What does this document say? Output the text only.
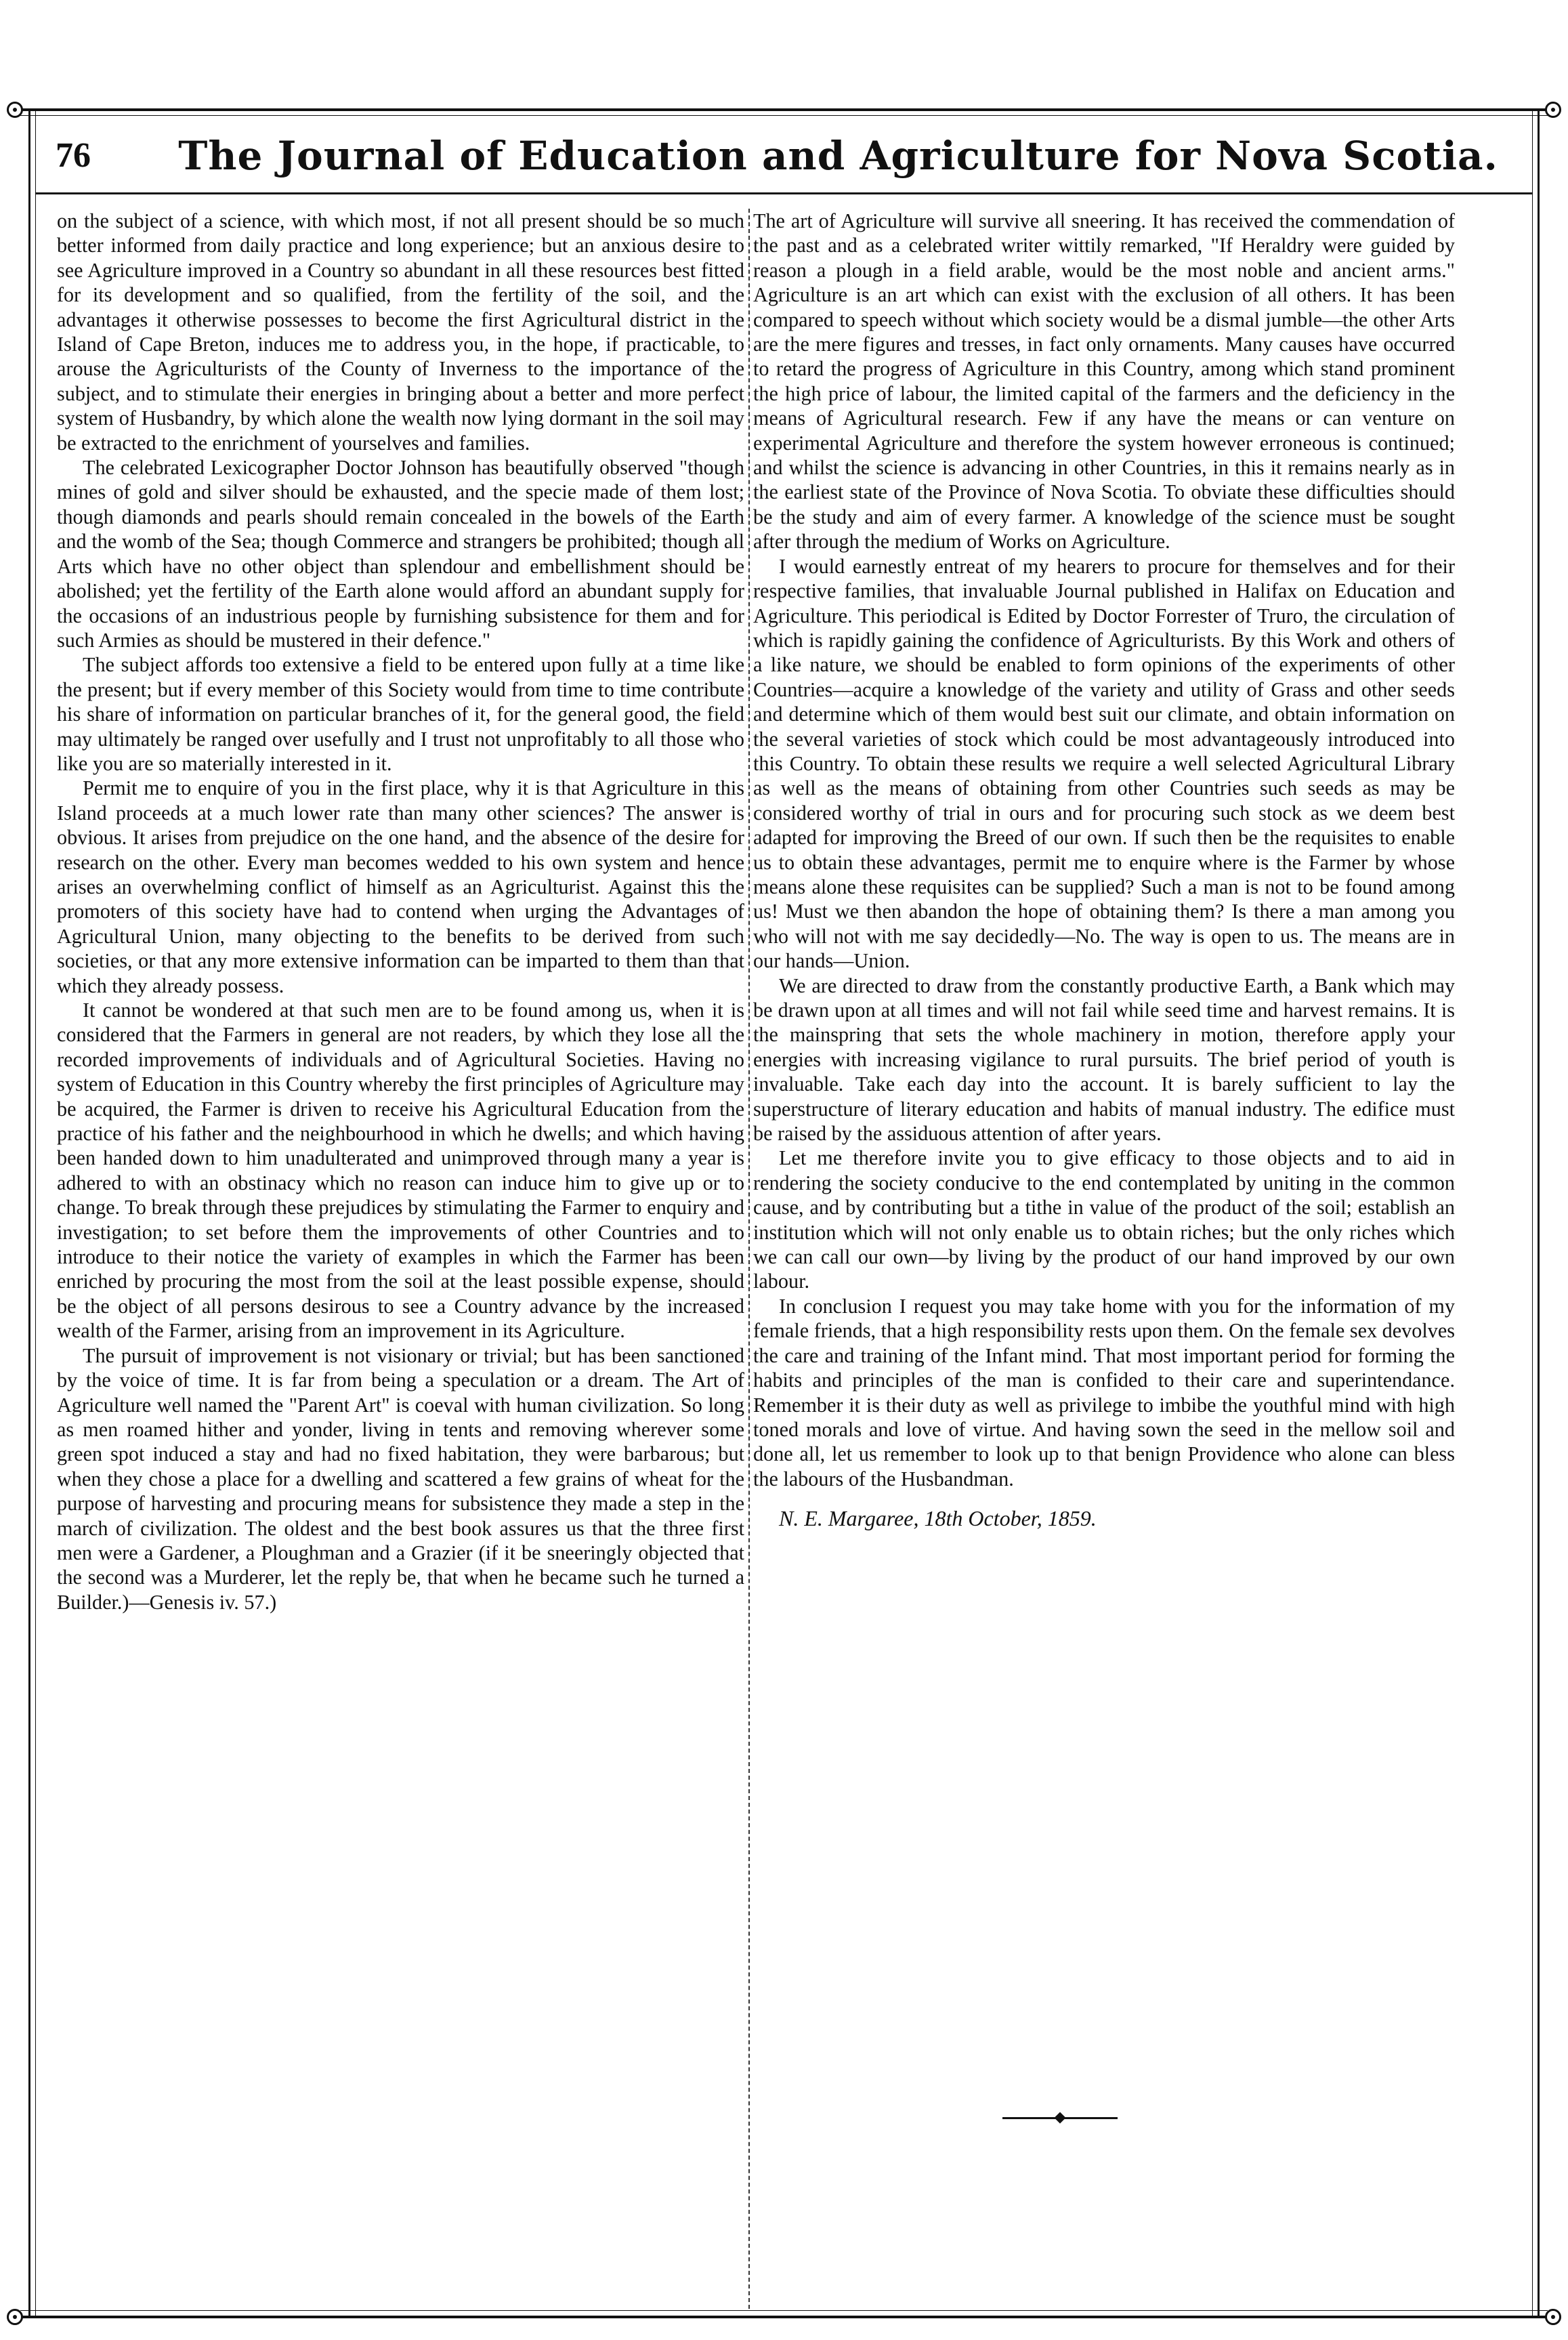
76 The Journal of Education and Agriculture for Nova Scotia.

on the subject of a science, with which most, if not all present should be so much better informed from daily practice and long experience; but an anxious desire to see Agriculture improved in a Country so abundant in all these resources best fitted for its development and so qualified, from the fertility of the soil, and the advantages it otherwise possesses to become the first Agricultural district in the Island of Cape Breton, induces me to address you, in the hope, if practicable, to arouse the Agriculturists of the County of Inverness to the importance of the subject, and to stimulate their energies in bringing about a better and more perfect system of Husbandry, by which alone the wealth now lying dormant in the soil may be extracted to the enrichment of yourselves and families.

The celebrated Lexicographer Doctor Johnson has beautifully observed "though mines of gold and silver should be exhausted, and the specie made of them lost; though diamonds and pearls should remain concealed in the bowels of the Earth and the womb of the Sea; though Commerce and strangers be prohibited; though all Arts which have no other object than splendour and embellishment should be abolished; yet the fertility of the Earth alone would afford an abundant supply for the occasions of an industrious people by furnishing subsistence for them and for such Armies as should be mustered in their defence."

The subject affords too extensive a field to be entered upon fully at a time like the present; but if every member of this Society would from time to time contribute his share of information on particular branches of it, for the general good, the field may ultimately be ranged over usefully and I trust not unprofitably to all those who like you are so materially interested in it.

Permit me to enquire of you in the first place, why it is that Agriculture in this Island proceeds at a much lower rate than many other sciences? The answer is obvious. It arises from prejudice on the one hand, and the absence of the desire for research on the other. Every man becomes wedded to his own system and hence arises an overwhelming conflict of himself as an Agriculturist. Against this the promoters of this society have had to contend when urging the Advantages of Agricultural Union, many objecting to the benefits to be derived from such societies, or that any more extensive information can be imparted to them than that which they already possess.

It cannot be wondered at that such men are to be found among us, when it is considered that the Farmers in general are not readers, by which they lose all the recorded improvements of individuals and of Agricultural Societies. Having no system of Education in this Country whereby the first principles of Agriculture may be acquired, the Farmer is driven to receive his Agricultural Education from the practice of his father and the neighbourhood in which he dwells; and which having been handed down to him unadulterated and unimproved through many a year is adhered to with an obstinacy which no reason can induce him to give up or to change. To break through these prejudices by stimulating the Farmer to enquiry and investigation; to set before them the improvements of other Countries and to introduce to their notice the variety of examples in which the Farmer has been enriched by procuring the most from the soil at the least possible expense, should be the object of all persons desirous to see a Country advance by the increased wealth of the Farmer, arising from an improvement in its Agriculture.

The pursuit of improvement is not visionary or trivial; but has been sanctioned by the voice of time. It is far from being a speculation or a dream. The Art of Agriculture well named the "Parent Art" is coeval with human civilization. So long as men roamed hither and yonder, living in tents and removing wherever some green spot induced a stay and had no fixed habitation, they were barbarous; but when they chose a place for a dwelling and scattered a few grains of wheat for the purpose of harvesting and procuring means for subsistence they made a step in the march of civilization. The oldest and the best book assures us that the three first men were a Gardener, a Ploughman and a Grazier (if it be sneeringly objected that the second was a Murderer, let the reply be, that when he became such he turned a Builder.)—Genesis iv. 57.)

The art of Agriculture will survive all sneering. It has received the commendation of the past and as a celebrated writer wittily remarked, "If Heraldry were guided by reason a plough in a field arable, would be the most noble and ancient arms." Agriculture is an art which can exist with the exclusion of all others. It has been compared to speech without which society would be a dismal jumble—the other Arts are the mere figures and tresses, in fact only ornaments. Many causes have occurred to retard the progress of Agriculture in this Country, among which stand prominent the high price of labour, the limited capital of the farmers and the deficiency in the means of Agricultural research. Few if any have the means or can venture on experimental Agriculture and therefore the system however erroneous is continued; and whilst the science is advancing in other Countries, in this it remains nearly as in the earliest state of the Province of Nova Scotia. To obviate these difficulties should be the study and aim of every farmer. A knowledge of the science must be sought after through the medium of Works on Agriculture.

I would earnestly entreat of my hearers to procure for themselves and for their respective families, that invaluable Journal published in Halifax on Education and Agriculture. This periodical is Edited by Doctor Forrester of Truro, the circulation of which is rapidly gaining the confidence of Agriculturists. By this Work and others of a like nature, we should be enabled to form opinions of the experiments of other Countries—acquire a knowledge of the variety and utility of Grass and other seeds and determine which of them would best suit our climate, and obtain information on the several varieties of stock which could be most advantageously introduced into this Country. To obtain these results we require a well selected Agricultural Library as well as the means of obtaining from other Countries such seeds as may be considered worthy of trial in ours and for procuring such stock as we deem best adapted for improving the Breed of our own. If such then be the requisites to enable us to obtain these advantages, permit me to enquire where is the Farmer by whose means alone these requisites can be supplied? Such a man is not to be found among us! Must we then abandon the hope of obtaining them? Is there a man among you who will not with me say decidedly—No. The way is open to us. The means are in our hands—Union.

We are directed to draw from the constantly productive Earth, a Bank which may be drawn upon at all times and will not fail while seed time and harvest remains. It is the mainspring that sets the whole machinery in motion, therefore apply your energies with increasing vigilance to rural pursuits. The brief period of youth is invaluable. Take each day into the account. It is barely sufficient to lay the superstructure of literary education and habits of manual industry. The edifice must be raised by the assiduous attention of after years.

Let me therefore invite you to give efficacy to those objects and to aid in rendering the society conducive to the end contemplated by uniting in the common cause, and by contributing but a tithe in value of the product of the soil; establish an institution which will not only enable us to obtain riches; but the only riches which we can call our own—by living by the product of our hand improved by our own labour.

In conclusion I request you may take home with you for the information of my female friends, that a high responsibility rests upon them. On the female sex devolves the care and training of the Infant mind. That most important period for forming the habits and principles of the man is confided to their care and superintendance. Remember it is their duty as well as privilege to imbibe the youthful mind with high toned morals and love of virtue. And having sown the seed in the mellow soil and done all, let us remember to look up to that benign Providence who alone can bless the labours of the Husbandman.

N. E. Margaree, 18th October, 1859.
